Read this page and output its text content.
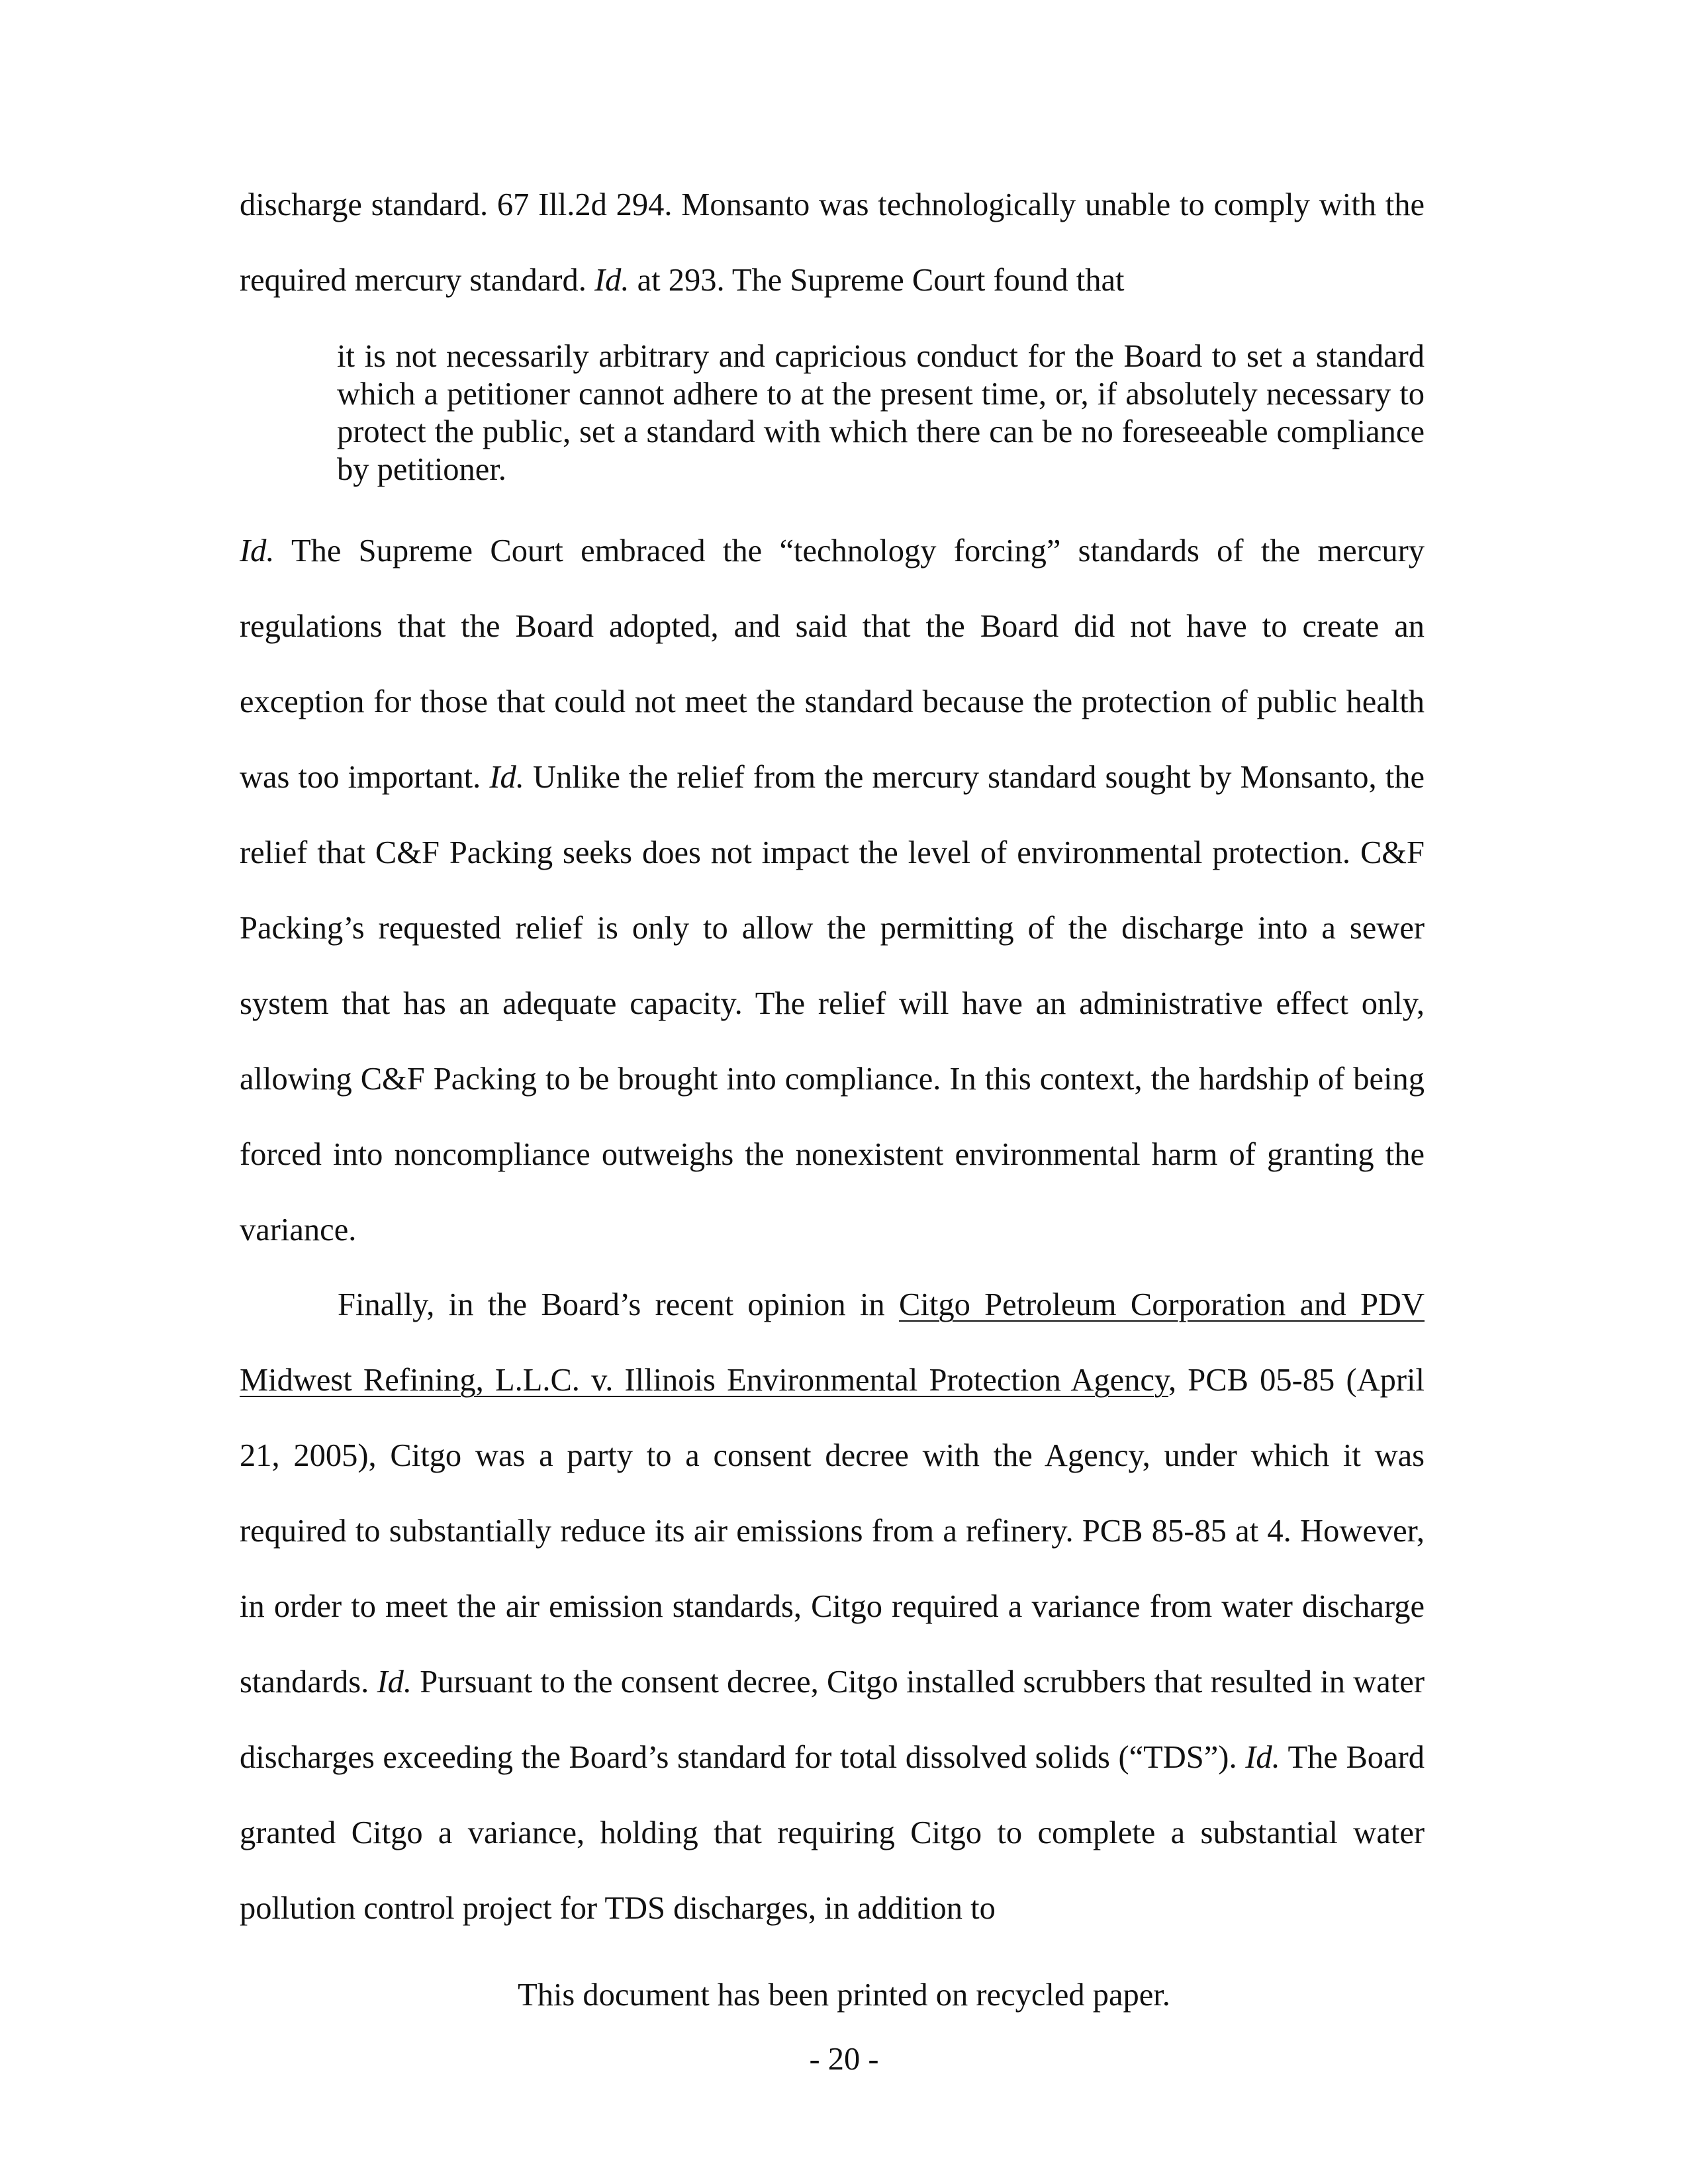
discharge standard. 67 Ill.2d 294. Monsanto was technologically unable to comply with the required mercury standard. Id. at 293. The Supreme Court found that

it is not necessarily arbitrary and capricious conduct for the Board to set a standard which a petitioner cannot adhere to at the present time, or, if absolutely necessary to protect the public, set a standard with which there can be no foreseeable compliance by petitioner.

Id. The Supreme Court embraced the “technology forcing” standards of the mercury regulations that the Board adopted, and said that the Board did not have to create an exception for those that could not meet the standard because the protection of public health was too important. Id. Unlike the relief from the mercury standard sought by Monsanto, the relief that C&F Packing seeks does not impact the level of environmental protection. C&F Packing’s requested relief is only to allow the permitting of the discharge into a sewer system that has an adequate capacity. The relief will have an administrative effect only, allowing C&F Packing to be brought into compliance. In this context, the hardship of being forced into noncompliance outweighs the nonexistent environmental harm of granting the variance.

Finally, in the Board’s recent opinion in Citgo Petroleum Corporation and PDV Midwest Refining, L.L.C. v. Illinois Environmental Protection Agency, PCB 05-85 (April 21, 2005), Citgo was a party to a consent decree with the Agency, under which it was required to substantially reduce its air emissions from a refinery. PCB 85-85 at 4. However, in order to meet the air emission standards, Citgo required a variance from water discharge standards. Id. Pursuant to the consent decree, Citgo installed scrubbers that resulted in water discharges exceeding the Board’s standard for total dissolved solids (“TDS”). Id. The Board granted Citgo a variance, holding that requiring Citgo to complete a substantial water pollution control project for TDS discharges, in addition to

This document has been printed on recycled paper.
- 20 -
